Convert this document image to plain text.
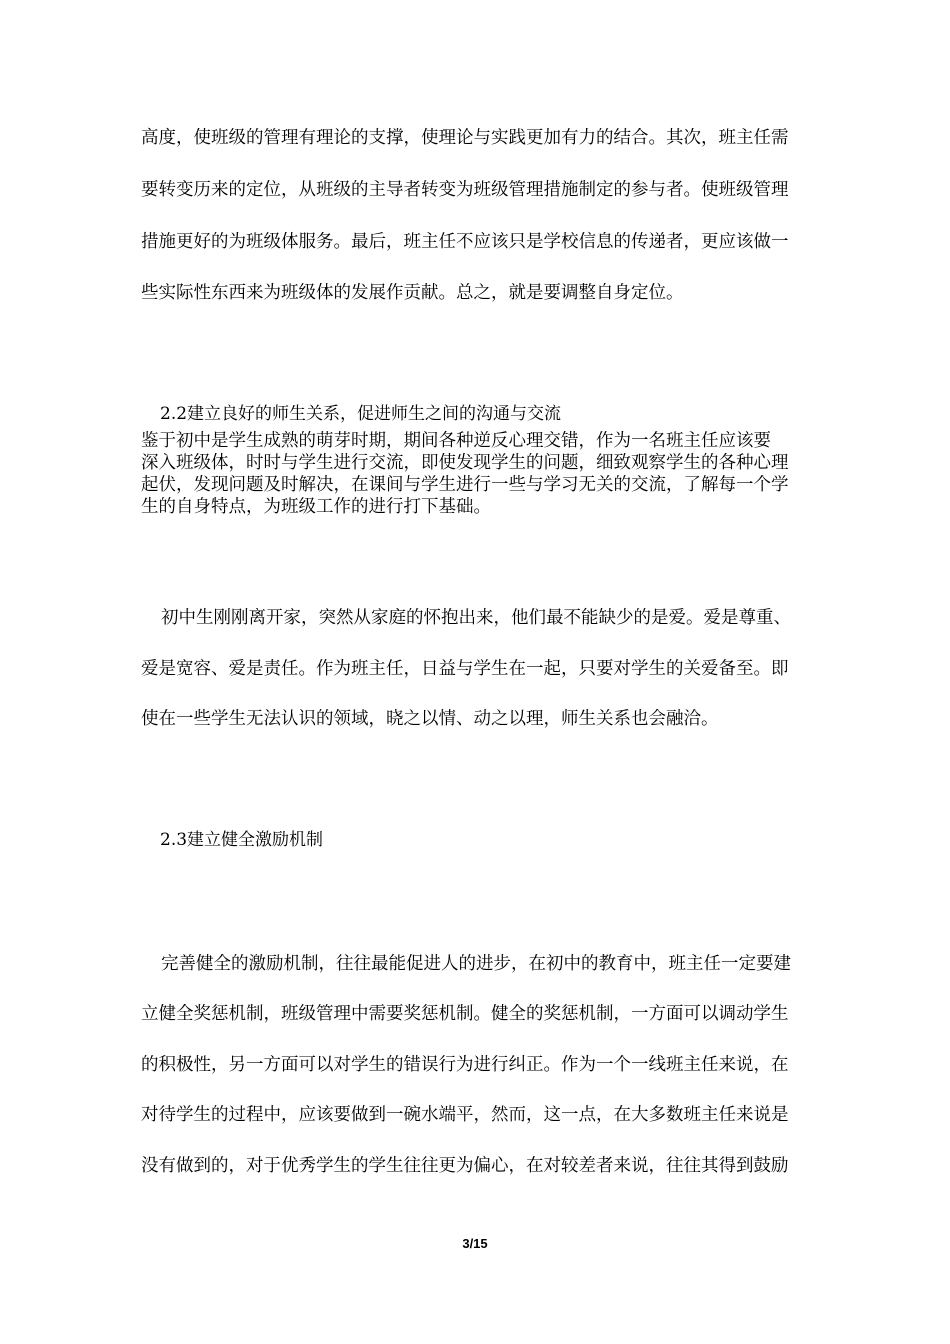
高度，使班级的管理有理论的支撑，使理论与实践更加有力的结合。其次，班主任需
要转变历来的定位，从班级的主导者转变为班级管理措施制定的参与者。使班级管理
措施更好的为班级体服务。最后，班主任不应该只是学校信息的传递者，更应该做一
些实际性东西来为班级体的发展作贡献。总之，就是要调整自身定位。
2.2建立良好的师生关系，促进师生之间的沟通与交流
鉴于初中是学生成熟的萌芽时期，期间各种逆反心理交错，作为一名班主任应该要
深入班级体，时时与学生进行交流，即使发现学生的问题，细致观察学生的各种心理
起伏，发现问题及时解决，在课间与学生进行一些与学习无关的交流，了解每一个学
生的自身特点，为班级工作的进行打下基础。
初中生刚刚离开家，突然从家庭的怀抱出来，他们最不能缺少的是爱。爱是尊重、
爱是宽容、爱是责任。作为班主任，日益与学生在一起，只要对学生的关爱备至。即
使在一些学生无法认识的领域，晓之以情、动之以理，师生关系也会融洽。
2.3建立健全激励机制
完善健全的激励机制，往往最能促进人的进步，在初中的教育中，班主任一定要建
立健全奖惩机制，班级管理中需要奖惩机制。健全的奖惩机制，一方面可以调动学生
的积极性，另一方面可以对学生的错误行为进行纠正。作为一个一线班主任来说，在
对待学生的过程中，应该要做到一碗水端平，然而，这一点，在大多数班主任来说是
没有做到的，对于优秀学生的学生往往更为偏心，在对较差者来说，往往其得到鼓励
3/15
